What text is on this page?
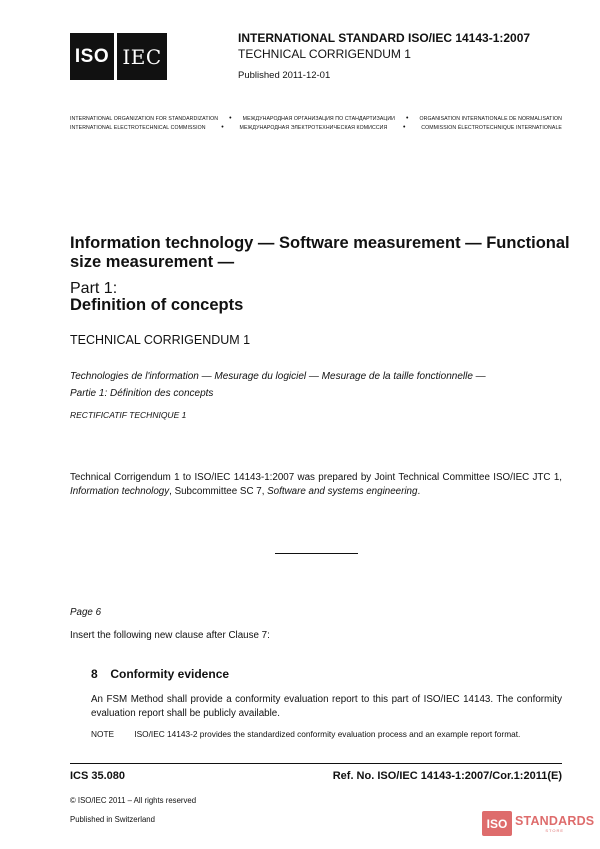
ISO IEC
INTERNATIONAL STANDARD ISO/IEC 14143-1:2007
TECHNICAL CORRIGENDUM 1
Published 2011-12-01
INTERNATIONAL ORGANIZATION FOR STANDARDIZATION • МЕЖДУНАРОДНАЯ ОРГАНИЗАЦИЯ ПО СТАНДАРТИЗАЦИИ • ORGANISATION INTERNATIONALE DE NORMALISATION
INTERNATIONAL ELECTROTECHNICAL COMMISSION •	МЕЖДУНАРОДНАЯ ЭЛЕКТРОТЕХНИЧЕСКАЯ КОМИССИЯ •	COMMISSION ÉLECTROTECHNIQUE INTERNATIONALE
Information technology — Software measurement — Functional
size measurement —
Part 1:
Definition of concepts
TECHNICAL CORRIGENDUM 1
Technologies de l'information — Mesurage du logiciel — Mesurage de la taille fonctionnelle —
Partie 1: Définition des concepts
RECTIFICATIF TECHNIQUE 1
Technical Corrigendum 1 to ISO/IEC 14143-1:2007 was prepared by Joint Technical Committee ISO/IEC JTC 1, Information technology, Subcommittee SC 7, Software and systems engineering.
Page 6
Insert the following new clause after Clause 7:
8 Conformity evidence
An FSM Method shall provide a conformity evaluation report to this part of ISO/IEC 14143. The conformity evaluation report shall be publicly available.
NOTE ISO/IEC 14143-2 provides the standardized conformity evaluation process and an example report format.
ICS 35.080	Ref. No. ISO/IEC 14143-1:2007/Cor.1:2011(E)
© ISO/IEC 2011 – All rights reserved
Published in Switzerland	ISO STANDARDS
STORE
